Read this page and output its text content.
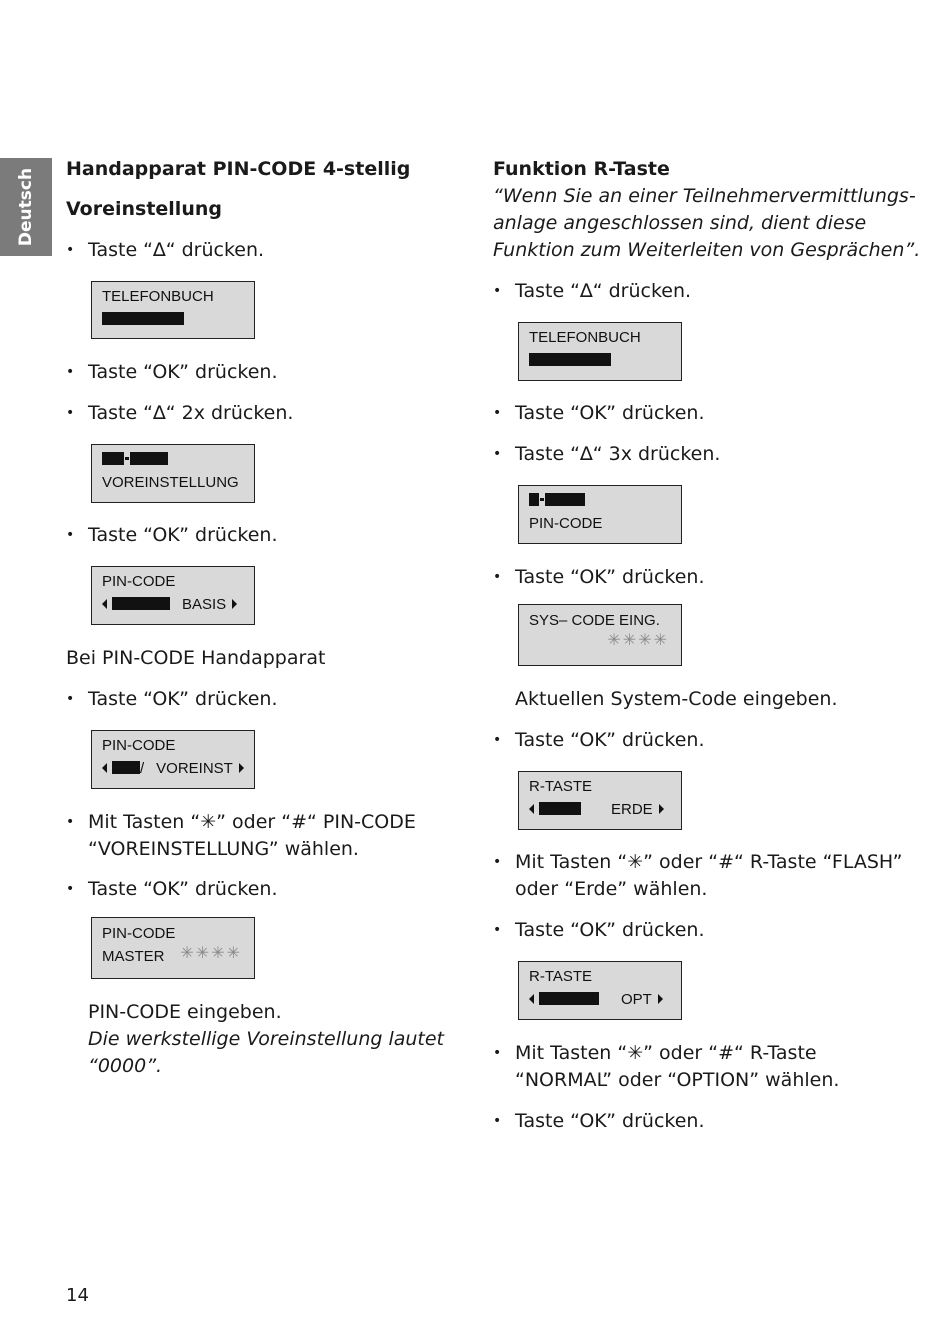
Deutsch Handapparat PIN-CODE 4-stellig
Voreinstellung
• Taste “∆“ drücken.
TELEFONBUCH
• Taste “OK” drücken.
• Taste “∆“ 2x drücken.
VOREINSTELLUNG
• Taste “OK” drücken.
PIN-CODE
BASIS
Bei PIN-CODE Handapparat
• Taste “OK” drücken.
PIN-CODE
/ VOREINST
• Mit Tasten “✳” oder “#“ PIN-CODE
“VOREINSTELLUNG” wählen.
• Taste “OK” drücken.
PIN-CODE
MASTER ✳✳✳✳
PIN-CODE eingeben.
Die werkstellige Voreinstellung lautet
“0000”.
Funktion R-Taste
“Wenn Sie an einer Teilnehmervermittlungs-
anlage angeschlossen sind, dient diese
Funktion zum Weiterleiten von Gesprächen”.
• Taste “∆“ drücken.
TELEFONBUCH
• Taste “OK” drücken.
• Taste “∆“ 3x drücken.
PIN-CODE
• Taste “OK” drücken.
SYS– CODE EING.
✳✳✳✳
Aktuellen System-Code eingeben.
• Taste “OK” drücken.
R-TASTE
ERDE
• Mit Tasten “✳” oder “#“ R-Taste “FLASH”
oder “Erde” wählen.
• Taste “OK” drücken.
R-TASTE
OPT
• Mit Tasten “✳” oder “#“ R-Taste
“NORMAL” oder “OPTION” wählen.
• Taste “OK” drücken.
14
